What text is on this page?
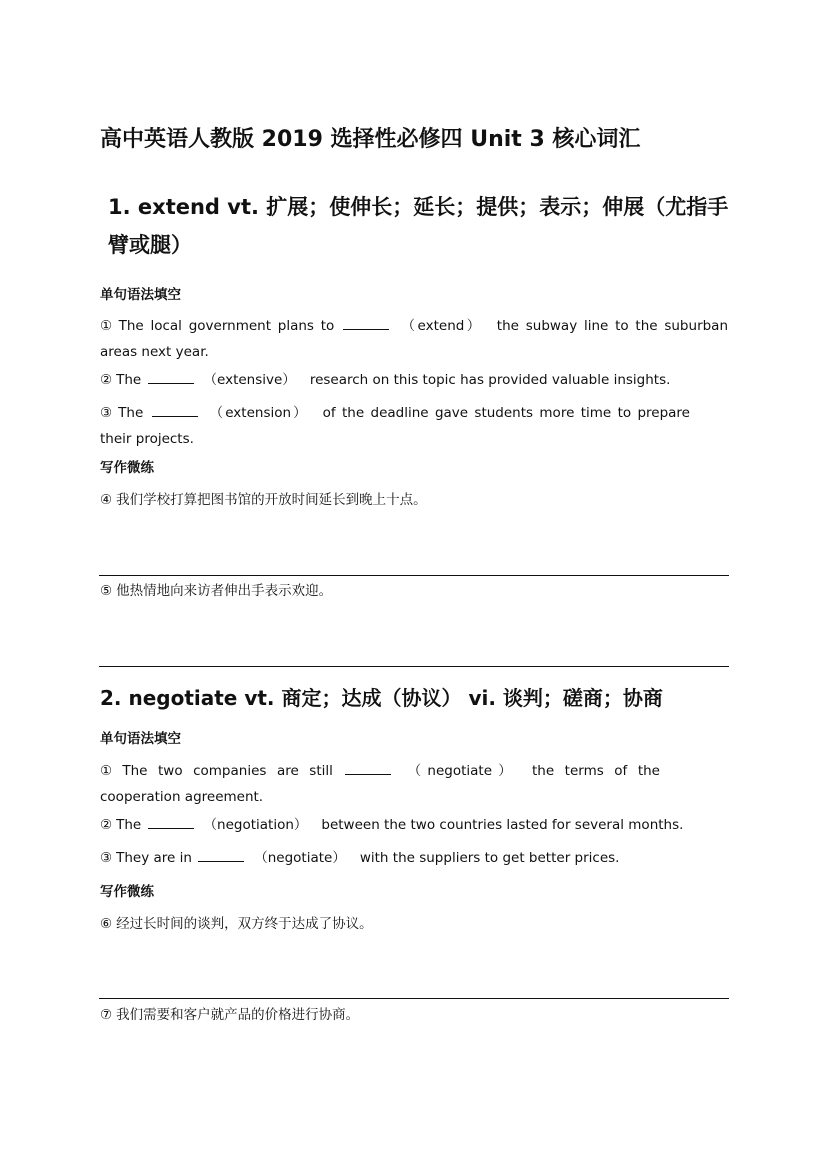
高中英语人教版 2019 选择性必修四 Unit 3 核心词汇
1. extend vt. 扩展；使伸长；延长；提供；表示；伸展（尤指手臂或腿）
单句语法填空
① The local government plans to	（extend） the subway line to the suburban areas next year.
② The	（extensive） research on this topic has provided valuable insights.
③ The	（extension） of the deadline gave students more time to prepare their projects.
写作微练
④ 我们学校打算把图书馆的开放时间延长到晚上十点。
⑤ 他热情地向来访者伸出手表示欢迎。
2. negotiate vt. 商定；达成（协议） vi. 谈判；磋商；协商
单句语法填空
① The two companies are still	（negotiate） the terms of the cooperation agreement.
② The	（negotiation） between the two countries lasted for several months.
③ They are in	（negotiate） with the suppliers to get better prices.
写作微练
⑥ 经过长时间的谈判，双方终于达成了协议。
⑦ 我们需要和客户就产品的价格进行协商。
